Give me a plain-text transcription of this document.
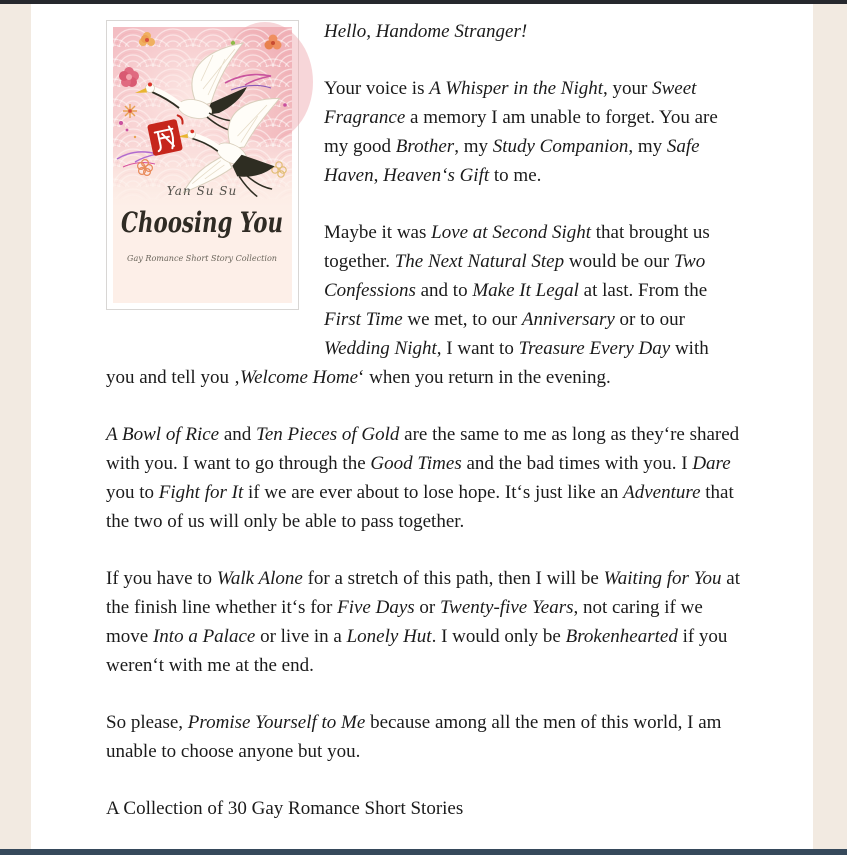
Yan Su Su
Choosing You
Gay Romance Short Story Collection

Hello, Handome Stranger!

Your voice is A Whisper in the Night, your Sweet Fragrance a memory I am unable to forget. You are my good Brother, my Study Companion, my Safe Haven, Heaven‘s Gift to me.

Maybe it was Love at Second Sight that brought us together. The Next Natural Step would be our Two Confessions and to Make It Legal at last. From the First Time we met, to our Anniversary or to our Wedding Night, I want to Treasure Every Day with you and tell you ‚Welcome Home‘ when you return in the evening.

A Bowl of Rice and Ten Pieces of Gold are the same to me as long as they‘re shared with you. I want to go through the Good Times and the bad times with you. I Dare you to Fight for It if we are ever about to lose hope. It‘s just like an Adventure that the two of us will only be able to pass together.

If you have to Walk Alone for a stretch of this path, then I will be Waiting for You at the finish line whether it‘s for Five Days or Twenty-five Years, not caring if we move Into a Palace or live in a Lonely Hut. I would only be Brokenhearted if you weren‘t with me at the end.

So please, Promise Yourself to Me because among all the men of this world, I am unable to choose anyone but you.

A Collection of 30 Gay Romance Short Stories
